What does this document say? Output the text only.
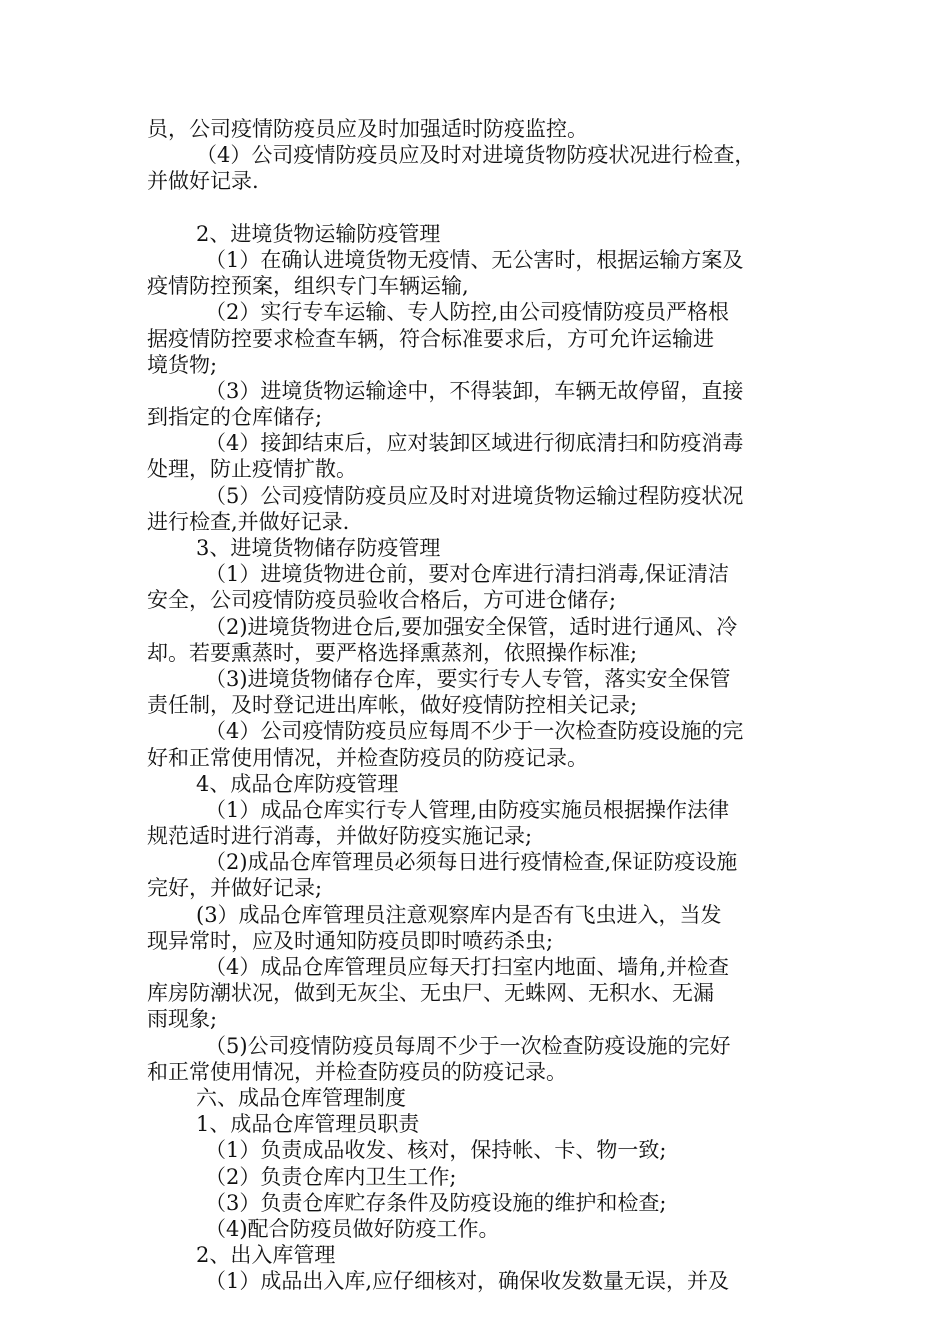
员，公司疫情防疫员应及时加强适时防疫监控。
（4）公司疫情防疫员应及时对进境货物防疫状况进行检查，
并做好记录.
2、进境货物运输防疫管理
（1）在确认进境货物无疫情、无公害时，根据运输方案及
疫情防控预案，组织专门车辆运输,
（2）实行专车运输、专人防控,由公司疫情防疫员严格根
据疫情防控要求检查车辆，符合标准要求后，方可允许运输进
境货物;
（3）进境货物运输途中，不得装卸，车辆无故停留，直接
到指定的仓库储存;
（4）接卸结束后，应对装卸区域进行彻底清扫和防疫消毒
处理，防止疫情扩散。
（5）公司疫情防疫员应及时对进境货物运输过程防疫状况
进行检查,并做好记录.
3、进境货物储存防疫管理
（1）进境货物进仓前，要对仓库进行清扫消毒,保证清洁
安全，公司疫情防疫员验收合格后，方可进仓储存;
（2)进境货物进仓后,要加强安全保管，适时进行通风、冷
却。若要熏蒸时，要严格选择熏蒸剂，依照操作标准;
（3)进境货物储存仓库，要实行专人专管，落实安全保管
责任制，及时登记进出库帐，做好疫情防控相关记录;
（4）公司疫情防疫员应每周不少于一次检查防疫设施的完
好和正常使用情况，并检查防疫员的防疫记录。
4、成品仓库防疫管理
（1）成品仓库实行专人管理,由防疫实施员根据操作法律
规范适时进行消毒，并做好防疫实施记录;
（2)成品仓库管理员必须每日进行疫情检查,保证防疫设施
完好，并做好记录;
(3）成品仓库管理员注意观察库内是否有飞虫进入，当发
现异常时，应及时通知防疫员即时喷药杀虫;
（4）成品仓库管理员应每天打扫室内地面、墙角,并检查
库房防潮状况，做到无灰尘、无虫尸、无蛛网、无积水、无漏
雨现象;
（5)公司疫情防疫员每周不少于一次检查防疫设施的完好
和正常使用情况，并检查防疫员的防疫记录。
六、成品仓库管理制度
1、成品仓库管理员职责
（1）负责成品收发、核对，保持帐、卡、物一致;
（2）负责仓库内卫生工作;
（3）负责仓库贮存条件及防疫设施的维护和检查;
（4)配合防疫员做好防疫工作。
2、出入库管理
（1）成品出入库,应仔细核对，确保收发数量无误，并及
